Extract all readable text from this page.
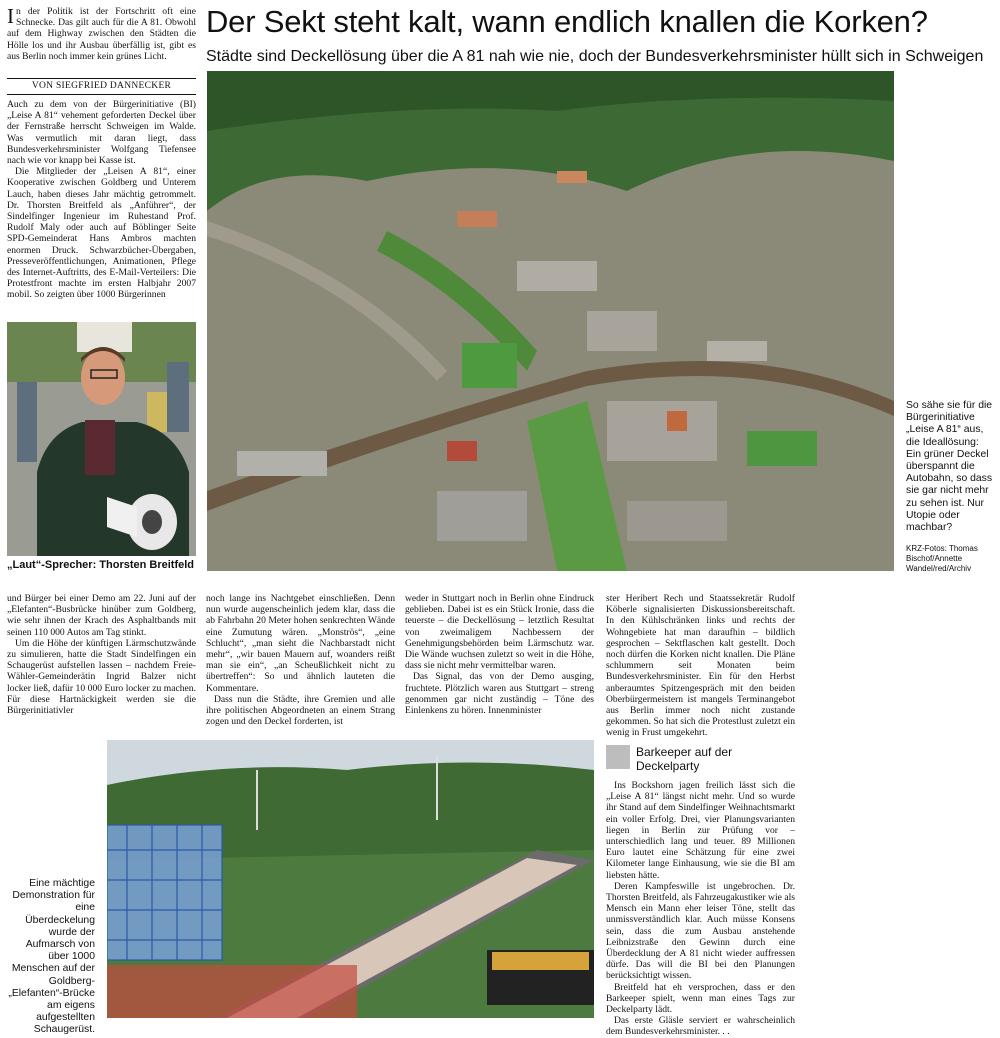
Der Sekt steht kalt, wann endlich knallen die Korken?
Städte sind Deckellösung über die A 81 nah wie nie, doch der Bundesverkehrsminister hüllt sich in Schweigen
I n der Politik ist der Fortschritt oft eine Schnecke. Das gilt auch für die A 81. Obwohl auf dem Highway zwischen den Städten die Hölle los und ihr Ausbau überfällig ist, gibt es aus Berlin noch immer kein grünes Licht.
VON SIEGFRIED DANNECKER

Auch zu dem von der Bürgerinitiative (BI) „Leise A 81“ vehement geforderten Deckel über der Fernstraße herrscht Schweigen im Walde. Was vermutlich mit daran liegt, dass Bundesverkehrsminister Wolfgang Tiefensee nach wie vor knapp bei Kasse ist.

Die Mitglieder der „Leisen A 81“, einer Kooperative zwischen Goldberg und Unterem Lauch, haben dieses Jahr mächtig getrommelt. Dr. Thorsten Breitfeld als „Anführer“, der Sindelfinger Ingenieur im Ruhestand Prof. Rudolf Maly oder auch auf Böblinger Seite SPD-Gemeinderat Hans Ambros machten enormen Druck. Schwarzbücher-Übergaben, Presseveröffentlichungen, Animationen, Pflege des Internet-Auftritts, des E-Mail-Verteilers: Die Protestfront machte im ersten Halbjahr 2007 mobil. So zeigten über 1000 Bürgerinnen

„Laut“-Sprecher: Thorsten Breitfeld
So sähe sie für die Bürgerinitiative „Leise A 81“ aus, die Ideallösung: Ein grüner Deckel überspannt die Autobahn, so dass sie gar nicht mehr zu sehen ist. Nur Utopie oder machbar?
KRZ-Fotos: Thomas Bischof/Annette Wandel/red/Archiv

und Bürger bei einer Demo am 22. Juni auf der „Elefanten“-Busbrücke hinüber zum Goldberg, wie sehr ihnen der Krach des Asphaltbands mit seinen 110 000 Autos am Tag stinkt.

Um die Höhe der künftigen Lärmschutzwände zu simulieren, hatte die Stadt Sindelfingen ein Schaugerüst aufstellen lassen – nachdem Freie-Wähler-Gemeinderätin Ingrid Balzer nicht locker ließ, dafür 10 000 Euro locker zu machen. Für diese Hartnäckigkeit werden sie die Bürgerinitiativler

noch lange ins Nachtgebet einschließen. Denn nun wurde augenscheinlich jedem klar, dass die ab Fahrbahn 20 Meter hohen senkrechten Wände eine Zumutung wären. „Monströs“, „eine Schlucht“, „man sieht die Nachbarstadt nicht mehr“, „wir bauen Mauern auf, woanders reißt man sie ein“, „an Scheußlichkeit nicht zu übertreffen“: So und ähnlich lauteten die Kommentare.

Dass nun die Städte, ihre Gremien und alle ihre politischen Abgeordneten an einem Strang zogen und den Deckel forderten, ist

weder in Stuttgart noch in Berlin ohne Eindruck geblieben. Dabei ist es ein Stück Ironie, dass die teuerste – die Deckellösung – letztlich Resultat von zweimaligem Nachbessern der Genehmigungsbehörden beim Lärmschutz war. Die Wände wuchsen zuletzt so weit in die Höhe, dass sie nicht mehr vermittelbar waren.

Das Signal, das von der Demo ausging, fruchtete. Plötzlich waren aus Stuttgart – streng genommen gar nicht zuständig – Töne des Einlenkens zu hören. Innenminister

ster Heribert Rech und Staatssekretär Rudolf Köberle signalisierten Diskussionsbereitschaft. In den Kühlschränken links und rechts der Wohngebiete hat man daraufhin – bildlich gesprochen – Sektflaschen kalt gestellt. Doch noch dürfen die Korken nicht knallen. Die Pläne schlummern seit Monaten beim Bundesverkehrsminister. Ein für den Herbst anberaumtes Spitzengespräch mit den beiden Oberbürgermeistern ist mangels Terminangebot aus Berlin immer noch nicht zustande gekommen. So hat sich die Protestlust zuletzt ein wenig in Frust umgekehrt.

Barkeeper auf der Deckelparty

Ins Bockshorn jagen freilich lässt sich die „Leise A 81“ längst nicht mehr. Und so wurde ihr Stand auf dem Sindelfinger Weihnachtsmarkt ein voller Erfolg. Drei, vier Planungsvarianten liegen in Berlin zur Prüfung vor – unterschiedlich lang und teuer. 89 Millionen Euro lautet eine Schätzung für eine zwei Kilometer lange Einhausung, wie sie die BI am liebsten hätte.

Deren Kampfeswille ist ungebrochen. Dr. Thorsten Breitfeld, als Fahrzeugakustiker wie als Mensch ein Mann eher leiser Töne, stellt das unmissverständlich klar. Auch müsse Konsens sein, dass die zum Ausbau anstehende Leibnizstraße den Gewinn durch eine Überdecklung der A 81 nicht wieder auffressen dürfe. Das will die BI bei den Planungen berücksichtigt wissen.

Breitfeld hat eh versprochen, dass er den Barkeeper spielt, wenn man eines Tags zur Deckelparty lädt.

Das erste Gläsle serviert er wahrscheinlich dem Bundesverkehrsminister. . .

Eine mächtige Demonstration für eine Überdeckelung wurde der Aufmarsch von über 1000 Menschen auf der Goldberg-„Elefanten“-Brücke am eigens aufgestellten Schaugerüst.
